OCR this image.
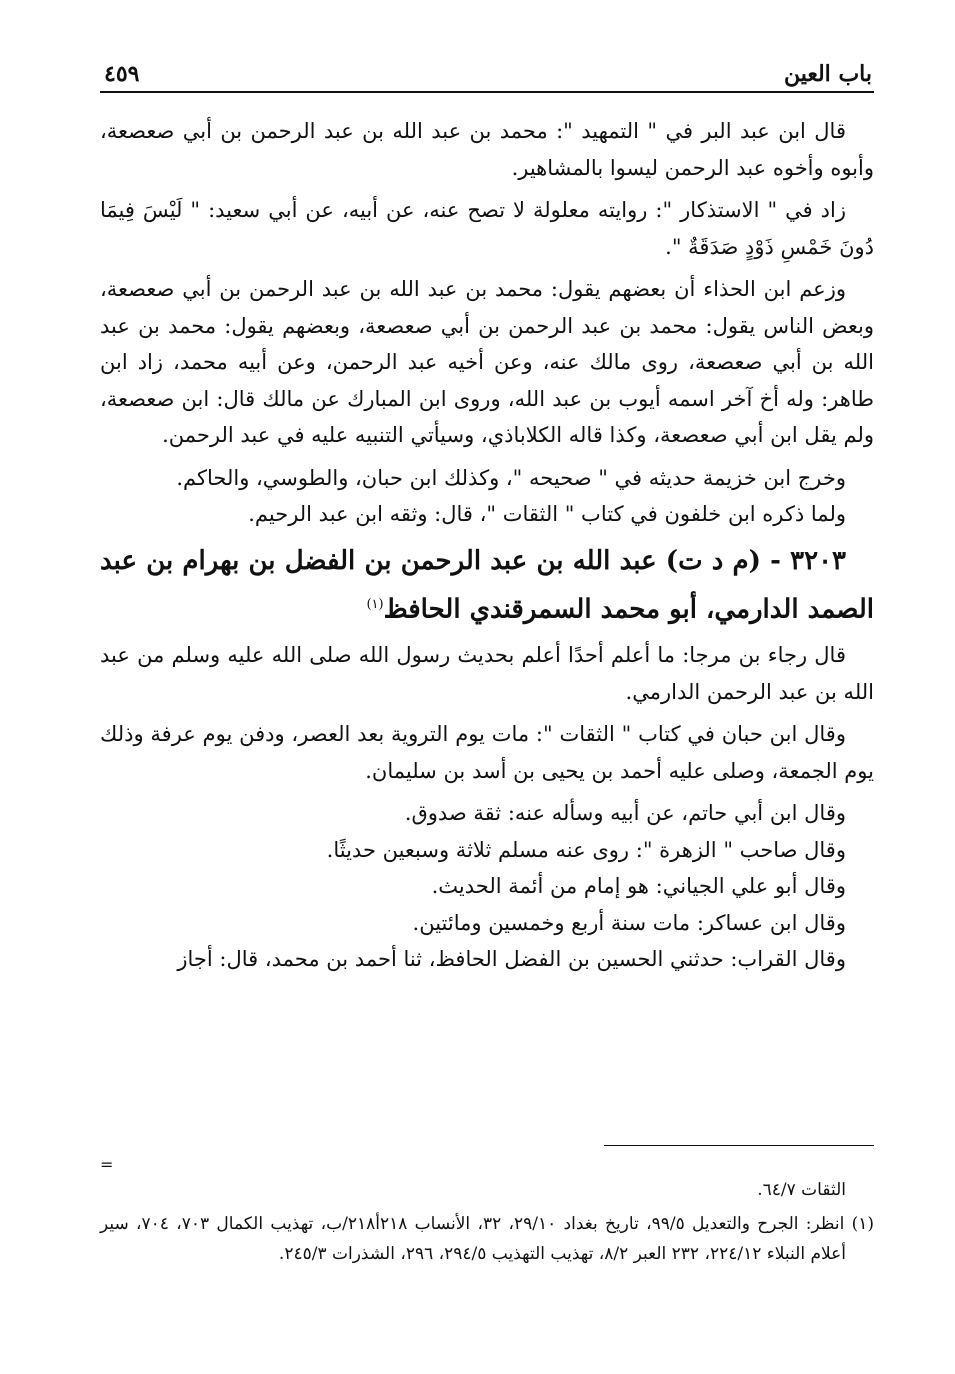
باب العين
٤٥٩

قال ابن عبد البر في " التمهيد ": محمد بن عبد الله بن عبد الرحمن بن أبي صعصعة، وأبوه وأخوه عبد الرحمن ليسوا بالمشاهير.

زاد في " الاستذكار ": روايته معلولة لا تصح عنه، عن أبيه، عن أبي سعيد: " لَيْسَ فِيمَا دُونَ خَمْسِ ذَوْدٍ صَدَقَةٌ ".

وزعم ابن الحذاء أن بعضهم يقول: محمد بن عبد الله بن عبد الرحمن بن أبي صعصعة، وبعض الناس يقول: محمد بن عبد الرحمن بن أبي صعصعة، وبعضهم يقول: محمد بن عبد الله بن أبي صعصعة، روى مالك عنه، وعن أخيه عبد الرحمن، وعن أبيه محمد، زاد ابن طاهر: وله أخ آخر اسمه أيوب بن عبد الله، وروى ابن المبارك عن مالك قال: ابن صعصعة، ولم يقل ابن أبي صعصعة، وكذا قاله الكلاباذي، وسيأتي التنبيه عليه في عبد الرحمن.

وخرج ابن خزيمة حديثه في " صحيحه "، وكذلك ابن حبان، والطوسي، والحاكم.

ولما ذكره ابن خلفون في كتاب " الثقات "، قال: وثقه ابن عبد الرحيم.

٣٢٠٣ - (م د ت) عبد الله بن عبد الرحمن بن الفضل بن بهرام بن عبد الصمد الدارمي، أبو محمد السمرقندي الحافظ$^{(١)}$

قال رجاء بن مرجا: ما أعلم أحدًا أعلم بحديث رسول الله صلى الله عليه وسلم من عبد الله بن عبد الرحمن الدارمي.

وقال ابن حبان في كتاب " الثقات ": مات يوم التروية بعد العصر، ودفن يوم عرفة وذلك يوم الجمعة، وصلى عليه أحمد بن يحيى بن أسد بن سليمان.

وقال ابن أبي حاتم، عن أبيه وسأله عنه: ثقة صدوق.

وقال صاحب " الزهرة ": روى عنه مسلم ثلاثة وسبعين حديثًا.

وقال أبو علي الجياني: هو إمام من أئمة الحديث.

وقال ابن عساكر: مات سنة أربع وخمسين ومائتين.

وقال القراب: حدثني الحسين بن الفضل الحافظ، ثنا أحمد بن محمد، قال: أجاز

=

الثقات ٦٤/٧.

(١) انظر: الجرح والتعديل ٩٩/٥، تاريخ بغداد ٢٩/١٠، ٣٢، الأنساب ٢١٨أ٢١٨/ب، تهذيب الكمال ٧٠٣، ٧٠٤، سير أعلام النبلاء ٢٢٤/١٢، ٢٣٢ العبر ٨/٢، تهذيب التهذيب ٢٩٤/٥، ٢٩٦، الشذرات ٢٤٥/٣.
